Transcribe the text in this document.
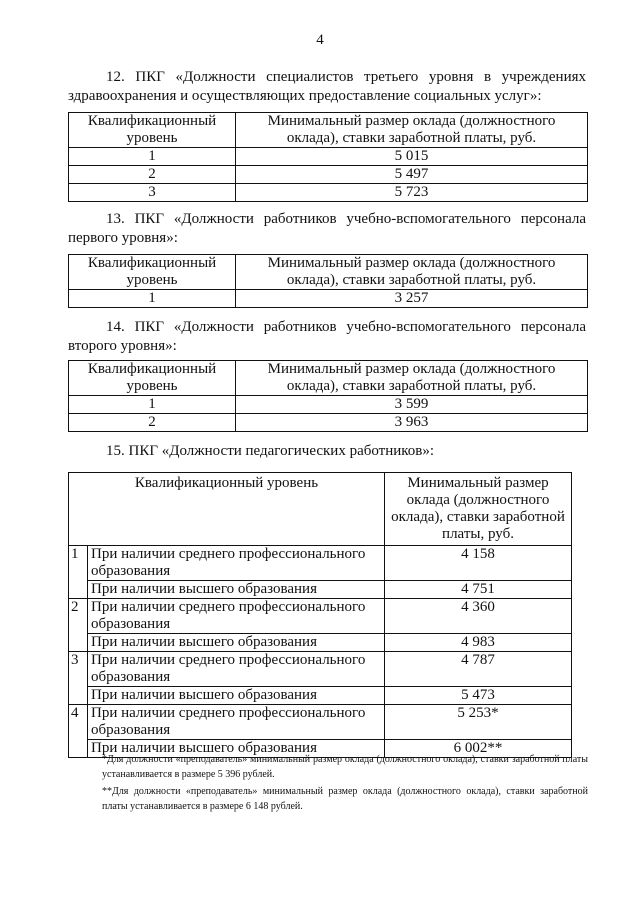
4
12. ПКГ «Должности специалистов третьего уровня в учреждениях здравоохранения и осуществляющих предоставление социальных услуг»:
Квалификационный уровень	Минимальный размер оклада (должностного оклада), ставки заработной платы, руб.
1	5 015
2	5 497
3	5 723
13. ПКГ «Должности работников учебно-вспомогательного персонала первого уровня»:
Квалификационный уровень	Минимальный размер оклада (должностного оклада), ставки заработной платы, руб.
1	3 257
14. ПКГ «Должности работников учебно-вспомогательного персонала второго уровня»:
Квалификационный уровень	Минимальный размер оклада (должностного оклада), ставки заработной платы, руб.
1	3 599
2	3 963
15. ПКГ «Должности педагогических работников»:
Квалификационный уровень		Минимальный размер оклада (должностного оклада), ставки заработной платы, руб.
1	При наличии среднего профессионального образования	4 158
	При наличии высшего образования	4 751
2	При наличии среднего профессионального образования	4 360
	При наличии высшего образования	4 983
3	При наличии среднего профессионального образования	4 787
	При наличии высшего образования	5 473
4	При наличии среднего профессионального образования	5 253*
	При наличии высшего образования	6 002**
*Для должности «преподаватель» минимальный размер оклада (должностного оклада), ставки заработной платы устанавливается в размере 5 396 рублей.
**Для должности «преподаватель» минимальный размер оклада (должностного оклада), ставки заработной платы устанавливается в размере 6 148 рублей.
